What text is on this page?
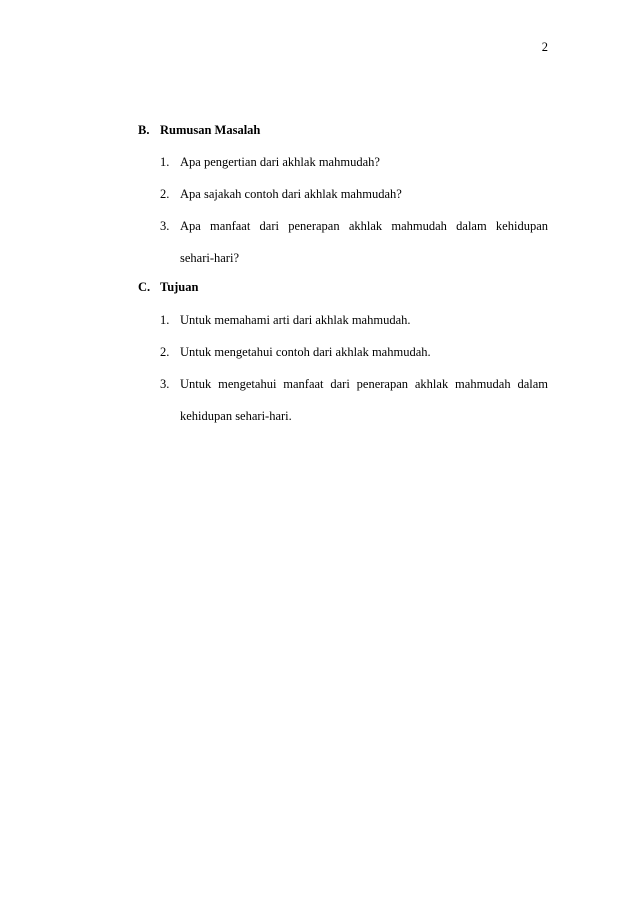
2
B. Rumusan Masalah
1. Apa pengertian dari akhlak mahmudah?
2. Apa sajakah contoh dari akhlak mahmudah?
3. Apa manfaat dari penerapan akhlak mahmudah dalam kehidupan
sehari-hari?
C. Tujuan
1. Untuk memahami arti dari akhlak mahmudah.
2. Untuk mengetahui contoh dari akhlak mahmudah.
3. Untuk mengetahui manfaat dari penerapan akhlak mahmudah dalam
kehidupan sehari-hari.
